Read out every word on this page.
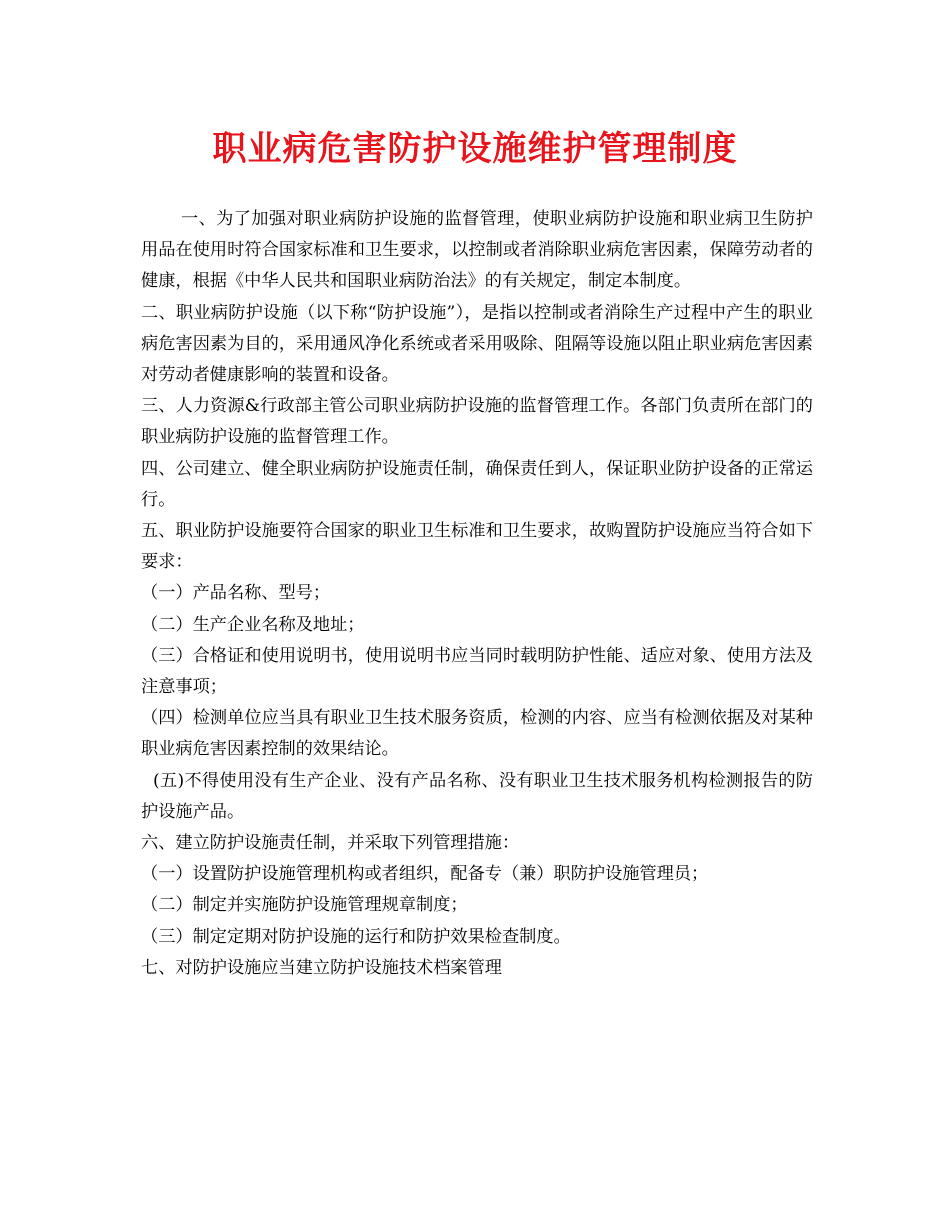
职业病危害防护设施维护管理制度

一、为了加强对职业病防护设施的监督管理，使职业病防护设施和职业病卫生防护用品在使用时符合国家标准和卫生要求，以控制或者消除职业病危害因素，保障劳动者的健康，根据《中华人民共和国职业病防治法》的有关规定，制定本制度。

二、职业病防护设施（以下称“防护设施”），是指以控制或者消除生产过程中产生的职业病危害因素为目的，采用通风净化系统或者采用吸除、阻隔等设施以阻止职业病危害因素对劳动者健康影响的装置和设备。

三、人力资源&行政部主管公司职业病防护设施的监督管理工作。各部门负责所在部门的职业病防护设施的监督管理工作。

四、公司建立、健全职业病防护设施责任制，确保责任到人，保证职业防护设备的正常运行。

五、职业防护设施要符合国家的职业卫生标准和卫生要求，故购置防护设施应当符合如下要求：

（一）产品名称、型号；

（二）生产企业名称及地址；

（三）合格证和使用说明书，使用说明书应当同时载明防护性能、适应对象、使用方法及注意事项；

（四）检测单位应当具有职业卫生技术服务资质，检测的内容、应当有检测依据及对某种职业病危害因素控制的效果结论。

(五)不得使用没有生产企业、没有产品名称、没有职业卫生技术服务机构检测报告的防护设施产品。

六、建立防护设施责任制，并采取下列管理措施：

（一）设置防护设施管理机构或者组织，配备专（兼）职防护设施管理员；

（二）制定并实施防护设施管理规章制度；

（三）制定定期对防护设施的运行和防护效果检查制度。

七、对防护设施应当建立防护设施技术档案管理
